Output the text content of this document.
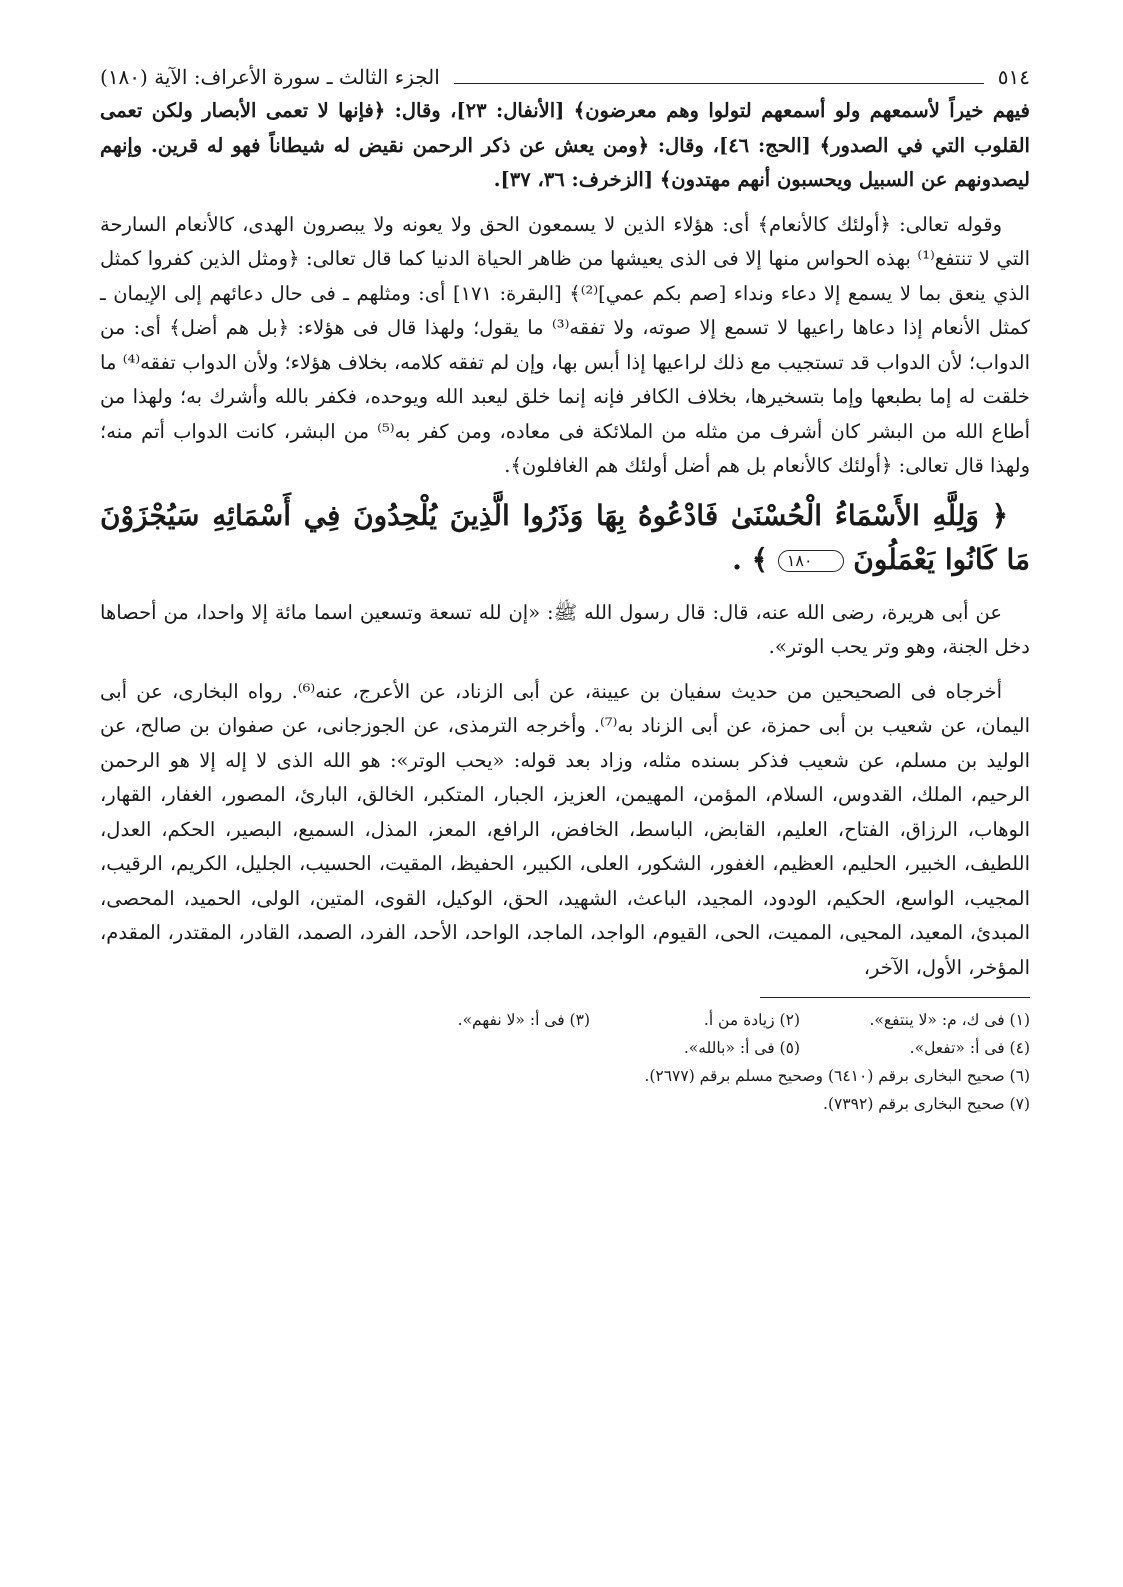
٥١٤
الجزء الثالث ـ سورة الأعراف: الآية (١٨٠)

فيهم خيراً لأسمعهم ولو أسمعهم لتولوا وهم معرضون﴾ [الأنفال: ٢٣]، وقال: ﴿فإنها لا تعمى الأبصار ولكن تعمى القلوب التي في الصدور﴾ [الحج: ٤٦]، وقال: ﴿ومن يعش عن ذكر الرحمن نقيض له شيطاناً فهو له قرين. وإنهم ليصدونهم عن السبيل ويحسبون أنهم مهتدون﴾ [الزخرف: ٣٦، ٣٧].

وقوله تعالى: ﴿أولئك كالأنعام﴾ أى: هؤلاء الذين لا يسمعون الحق ولا يعونه ولا يبصرون الهدى، كالأنعام السارحة التي لا تنتفع⁽¹⁾ بهذه الحواس منها إلا فى الذى يعيشها من ظاهر الحياة الدنيا كما قال تعالى: ﴿ومثل الذين كفروا كمثل الذي ينعق بما لا يسمع إلا دعاء ونداء [صم بكم عمي]⁽²⁾﴾ [البقرة: ١٧١] أى: ومثلهم ـ فى حال دعائهم إلى الإيمان ـ كمثل الأنعام إذا دعاها راعيها لا تسمع إلا صوته، ولا تفقه⁽³⁾ ما يقول؛ ولهذا قال فى هؤلاء: ﴿بل هم أضل﴾ أى: من الدواب؛ لأن الدواب قد تستجيب مع ذلك لراعيها إذا أبس بها، وإن لم تفقه كلامه، بخلاف هؤلاء؛ ولأن الدواب تفقه⁽⁴⁾ ما خلقت له إما بطبعها وإما بتسخيرها، بخلاف الكافر فإنه إنما خلق ليعبد الله ويوحده، فكفر بالله وأشرك به؛ ولهذا من أطاع الله من البشر كان أشرف من مثله من الملائكة فى معاده، ومن كفر به⁽⁵⁾ من البشر، كانت الدواب أتم منه؛ ولهذا قال تعالى: ﴿أولئك كالأنعام بل هم أضل أولئك هم الغافلون﴾.

﴿ وَلِلَّهِ الأَسْمَاءُ الْحُسْنَىٰ فَادْعُوهُ بِهَا وَذَرُوا الَّذِينَ يُلْحِدُونَ فِي أَسْمَائِهِ سَيُجْزَوْنَ مَا كَانُوا يَعْمَلُونَ ١٨٠ ﴾ .

عن أبى هريرة، رضى الله عنه، قال: قال رسول الله ﷺ: «إن لله تسعة وتسعين اسما مائة إلا واحدا، من أحصاها دخل الجنة، وهو وتر يحب الوتر».

أخرجاه فى الصحيحين من حديث سفيان بن عيينة، عن أبى الزناد، عن الأعرج، عنه⁽⁶⁾. رواه البخارى، عن أبى اليمان، عن شعيب بن أبى حمزة، عن أبى الزناد به⁽⁷⁾. وأخرجه الترمذى، عن الجوزجانى، عن صفوان بن صالح، عن الوليد بن مسلم، عن شعيب فذكر بسنده مثله، وزاد بعد قوله: «يحب الوتر»: هو الله الذى لا إله إلا هو الرحمن الرحيم، الملك، القدوس، السلام، المؤمن، المهيمن، العزيز، الجبار، المتكبر، الخالق، البارئ، المصور، الغفار، القهار، الوهاب، الرزاق، الفتاح، العليم، القابض، الباسط، الخافض، الرافع، المعز، المذل، السميع، البصير، الحكم، العدل، اللطيف، الخبير، الحليم، العظيم، الغفور، الشكور، العلى، الكبير، الحفيظ، المقيت، الحسيب، الجليل، الكريم، الرقيب، المجيب، الواسع، الحكيم، الودود، المجيد، الباعث، الشهيد، الحق، الوكيل، القوى، المتين، الولى، الحميد، المحصى، المبدئ، المعيد، المحيى، المميت، الحى، القيوم، الواجد، الماجد، الواحد، الأحد، الفرد، الصمد، القادر، المقتدر، المقدم، المؤخر، الأول، الآخر،

(١) فى ك، م: «لا ينتفع».
(٢) زيادة من أ.
(٣) فى أ: «لا نفهم».
(٤) فى أ: «تفعل».
(٥) فى أ: «بالله».
(٦) صحيح البخارى برقم (٦٤١٠) وصحيح مسلم برقم (٢٦٧٧).
(٧) صحيح البخارى برقم (٧٣٩٢).
